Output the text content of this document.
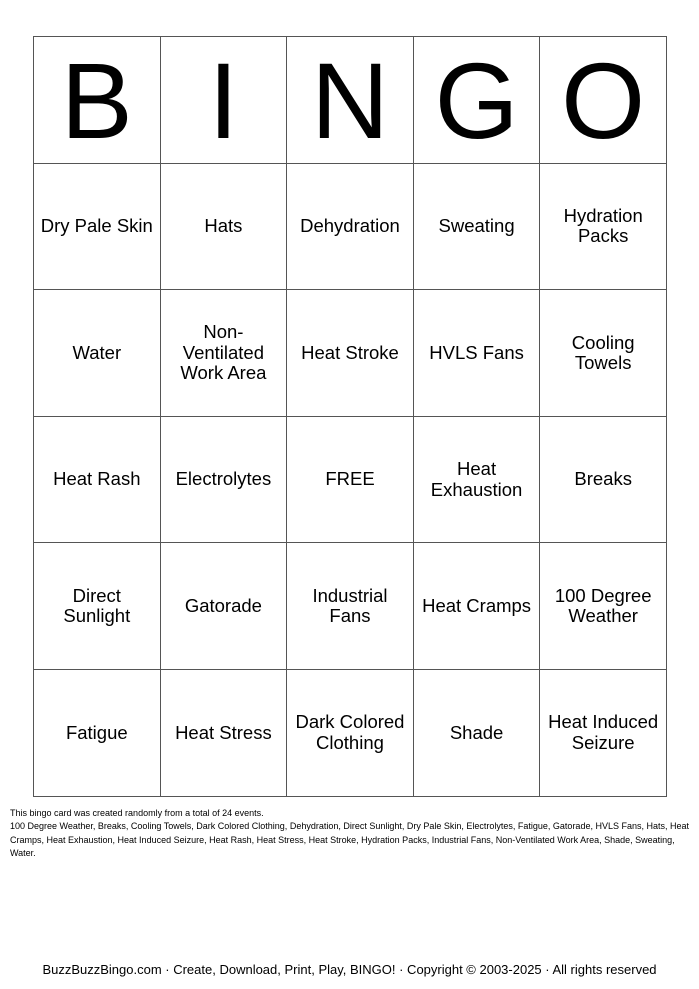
B	I	N	G	O
Dry Pale Skin	Hats	Dehydration	Sweating	Hydration Packs
Water	Non-Ventilated Work Area	Heat Stroke	HVLS Fans	Cooling Towels
Heat Rash	Electrolytes	FREE	Heat Exhaustion	Breaks
Direct Sunlight	Gatorade	Industrial Fans	Heat Cramps	100 Degree Weather
Fatigue	Heat Stress	Dark Colored Clothing	Shade	Heat Induced Seizure

This bingo card was created randomly from a total of 24 events.

100 Degree Weather, Breaks, Cooling Towels, Dark Colored Clothing, Dehydration, Direct Sunlight, Dry Pale Skin, Electrolytes, Fatigue, Gatorade, HVLS Fans, Hats, Heat Cramps, Heat Exhaustion, Heat Induced Seizure, Heat Rash, Heat Stress, Heat Stroke, Hydration Packs, Industrial Fans, Non-Ventilated Work Area, Shade, Sweating, Water.

BuzzBuzzBingo.com · Create, Download, Print, Play, BINGO! · Copyright © 2003-2025 · All rights reserved
